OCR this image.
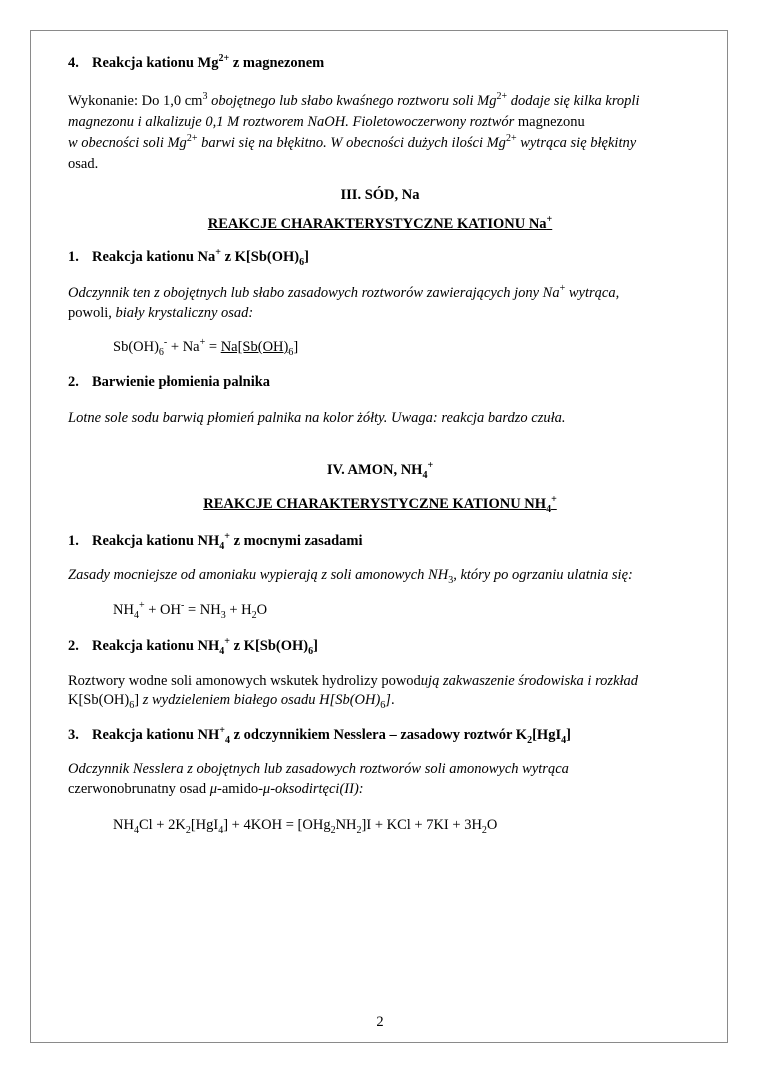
4. Reakcja kationu $Mg^{2+}$ z magnezonem
Wykonanie: Do 1,0 $cm^3$ obojętnego lub słabo kwaśnego roztworu soli $Mg^{2+}$ dodaje się kilka kropli
magnezonu i alkalizuje 0,1 M roztworem NaOH. Fioletowoczerwony roztwór magnezonu
w obecności soli $Mg^{2+}$ barwi się na błękitno. W obecności dużych ilości $Mg^{2+}$ wytrąca się błękitny
osad.
III. SÓD, Na
REAKCJE CHARAKTERYSTYCZNE KATIONU Na+
1. Reakcja kationu Na+ z $K[Sb(OH)_6]$
Odczynnik ten z obojętnych lub słabo zasadowych roztworów zawierających jony Na+ wytrąca,
powoli, biały krystaliczny osad:
$Sb(OH)_6^- + Na^+ = Na[Sb(OH)_6]$
2. Barwienie płomienia palnika
Lotne sole sodu barwią płomień palnika na kolor żółty. Uwaga: reakcja bardzo czuła.
IV. AMON, $NH_4^+$
REAKCJE CHARAKTERYSTYCZNE KATIONU $NH_4^+$
1. Reakcja kationu $NH_4^+$ z mocnymi zasadami
Zasady mocniejsze od amoniaku wypierają z soli amonowych $NH_3$, który po ogrzaniu ulatnia się:
$NH_4^+ + OH^- = NH_3 + H_2O$
2. Reakcja kationu $NH_4^+$ z $K[Sb(OH)_6]$
Roztwory wodne soli amonowych wskutek hydrolizy powodują zakwaszenie środowiska i rozkład
$K[Sb(OH)_6]$ z wydzieleniem białego osadu $H[Sb(OH)_6]$.
3. Reakcja kationu $NH^+_4$ z odczynnikiem Nesslera – zasadowy roztwór $K_2[HgI_4]$
Odczynnik Nesslera z obojętnych lub zasadowych roztworów soli amonowych wytrąca
czerwonobrunatny osad μ-amido-μ-oksodirtęci(II):
$NH_4Cl + 2K_2[HgI_4] + 4KOH = [OHg_2NH_2]I$ + KCl + $7KI + 3H_2O$
2
